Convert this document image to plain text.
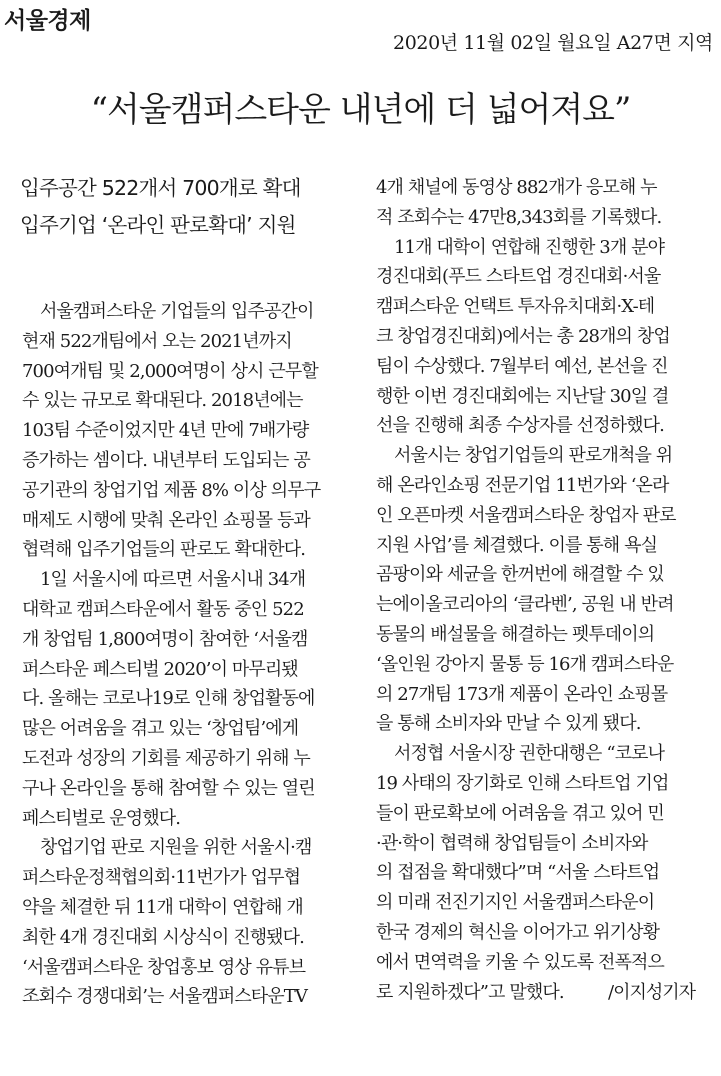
서울경제
2020년 11월 02일 월요일 A27면 지역
“서울캠퍼스타운 내년에 더 넓어져요”
입주공간 522개서 700개로 확대
입주기업 ‘온라인 판로확대’ 지원
서울캠퍼스타운 기업들의 입주공간이
현재 522개팀에서 오는 2021년까지
700여개팀 및 2,000여명이 상시 근무할
수 있는 규모로 확대된다. 2018년에는
103팀 수준이었지만 4년 만에 7배가량
증가하는 셈이다. 내년부터 도입되는 공
공기관의 창업기업 제품 8% 이상 의무구
매제도 시행에 맞춰 온라인 쇼핑몰 등과
협력해 입주기업들의 판로도 확대한다.
1일 서울시에 따르면 서울시내 34개
대학교 캠퍼스타운에서 활동 중인 522
개 창업팀 1,800여명이 참여한 ‘서울캠
퍼스타운 페스티벌 2020’이 마무리됐
다. 올해는 코로나19로 인해 창업활동에
많은 어려움을 겪고 있는 ‘창업팀’에게
도전과 성장의 기회를 제공하기 위해 누
구나 온라인을 통해 참여할 수 있는 열린
페스티벌로 운영했다.
창업기업 판로 지원을 위한 서울시·캠
퍼스타운정책협의회·11번가가 업무협
약을 체결한 뒤 11개 대학이 연합해 개
최한 4개 경진대회 시상식이 진행됐다.
‘서울캠퍼스타운 창업홍보 영상 유튜브
조회수 경쟁대회’는 서울캠퍼스타운TV	/이지성기자
4개 채널에 동영상 882개가 응모해 누
적 조회수는 47만8,343회를 기록했다.
11개 대학이 연합해 진행한 3개 분야
경진대회(푸드 스타트업 경진대회·서울
캠퍼스타운 언택트 투자유치대회·X-테
크 창업경진대회)에서는 총 28개의 창업
팀이 수상했다. 7월부터 예선, 본선을 진
행한 이번 경진대회에는 지난달 30일 결
선을 진행해 최종 수상자를 선정하했다.
서울시는 창업기업들의 판로개척을 위
해 온라인쇼핑 전문기업 11번가와 ‘온라
인 오픈마켓 서울캠퍼스타운 창업자 판로
지원 사업’를 체결했다. 이를 통해 욕실
곰팡이와 세균을 한꺼번에 해결할 수 있
는에이올코리아의 ‘클라벤’, 공원 내 반려
동물의 배설물을 해결하는 펫투데이의
‘올인원 강아지 물통 등 16개 캠퍼스타운
의 27개팀 173개 제품이 온라인 쇼핑몰
을 통해 소비자와 만날 수 있게 됐다.
서정협 서울시장 권한대행은 “코로나
19 사태의 장기화로 인해 스타트업 기업
들이 판로확보에 어려움을 겪고 있어 민
·관·학이 협력해 창업팀들이 소비자와
의 접점을 확대했다”며 “서울 스타트업
의 미래 전진기지인 서울캠퍼스타운이
한국 경제의 혁신을 이어가고 위기상황
에서 면역력을 키울 수 있도록 전폭적으
로 지원하겠다”고 말했다.
